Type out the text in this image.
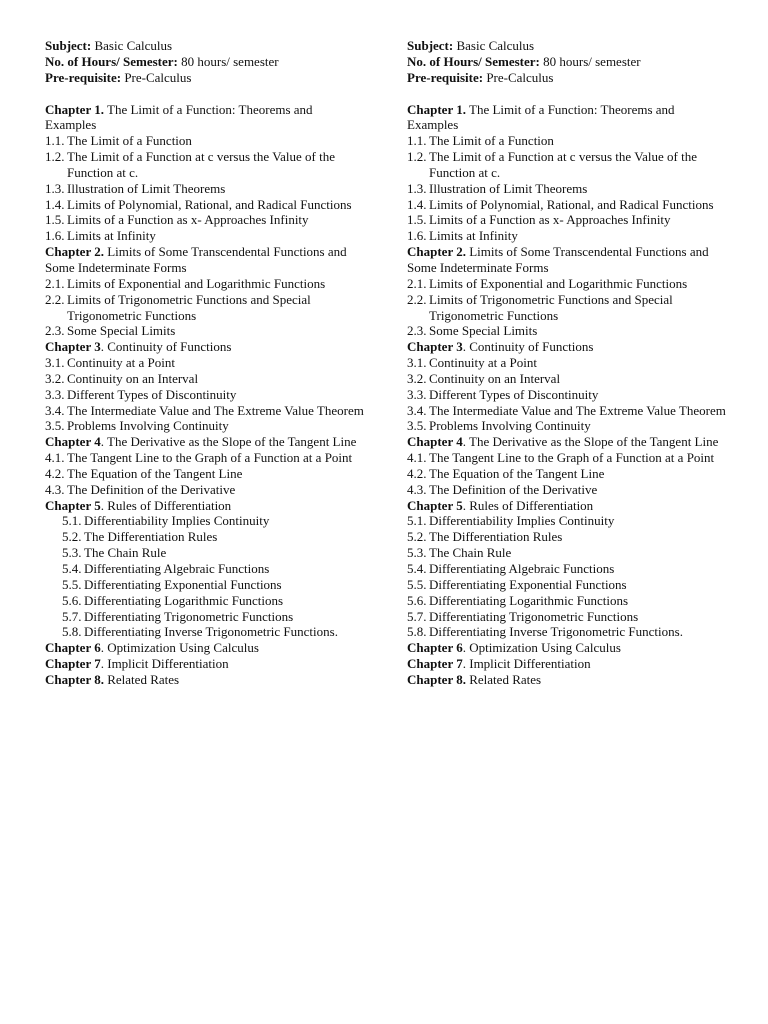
Subject: Basic Calculus
No. of Hours/ Semester: 80 hours/ semester
Pre-requisite: Pre-Calculus
Chapter 1. The Limit of a Function: Theorems and Examples
1.1. The Limit of a Function
1.2. The Limit of a Function at c versus the Value of the Function at c.
1.3. Illustration of Limit Theorems
1.4. Limits of Polynomial, Rational, and Radical Functions
1.5. Limits of a Function as x- Approaches Infinity
1.6. Limits at Infinity
Chapter 2. Limits of Some Transcendental Functions and Some Indeterminate Forms
2.1. Limits of Exponential and Logarithmic Functions
2.2. Limits of Trigonometric Functions and Special Trigonometric Functions
2.3. Some Special Limits
Chapter 3. Continuity of Functions
3.1. Continuity at a Point
3.2. Continuity on an Interval
3.3. Different Types of Discontinuity
3.4. The Intermediate Value and The Extreme Value Theorem
3.5. Problems Involving Continuity
Chapter 4. The Derivative as the Slope of the Tangent Line
4.1. The Tangent Line to the Graph of a Function at a Point
4.2. The Equation of the Tangent Line
4.3. The Definition of the Derivative
Chapter 5. Rules of Differentiation
5.1. Differentiability Implies Continuity
5.2. The Differentiation Rules
5.3. The Chain Rule
5.4. Differentiating Algebraic Functions
5.5. Differentiating Exponential Functions
5.6. Differentiating Logarithmic Functions
5.7. Differentiating Trigonometric Functions
5.8. Differentiating Inverse Trigonometric Functions.
Chapter 6. Optimization Using Calculus
Chapter 7. Implicit Differentiation
Chapter 8. Related Rates
Subject: Basic Calculus
No. of Hours/ Semester: 80 hours/ semester
Pre-requisite: Pre-Calculus
Chapter 1. The Limit of a Function: Theorems and Examples
1.1. The Limit of a Function
1.2. The Limit of a Function at c versus the Value of the Function at c.
1.3. Illustration of Limit Theorems
1.4. Limits of Polynomial, Rational, and Radical Functions
1.5. Limits of a Function as x- Approaches Infinity
1.6. Limits at Infinity
Chapter 2. Limits of Some Transcendental Functions and Some Indeterminate Forms
2.1. Limits of Exponential and Logarithmic Functions
2.2. Limits of Trigonometric Functions and Special Trigonometric Functions
2.3. Some Special Limits
Chapter 3. Continuity of Functions
3.1. Continuity at a Point
3.2. Continuity on an Interval
3.3. Different Types of Discontinuity
3.4. The Intermediate Value and The Extreme Value Theorem
3.5. Problems Involving Continuity
Chapter 4. The Derivative as the Slope of the Tangent Line
4.1. The Tangent Line to the Graph of a Function at a Point
4.2. The Equation of the Tangent Line
4.3. The Definition of the Derivative
Chapter 5. Rules of Differentiation
5.1. Differentiability Implies Continuity
5.2. The Differentiation Rules
5.3. The Chain Rule
5.4. Differentiating Algebraic Functions
5.5. Differentiating Exponential Functions
5.6. Differentiating Logarithmic Functions
5.7. Differentiating Trigonometric Functions
5.8. Differentiating Inverse Trigonometric Functions.
Chapter 6. Optimization Using Calculus
Chapter 7. Implicit Differentiation
Chapter 8. Related Rates
